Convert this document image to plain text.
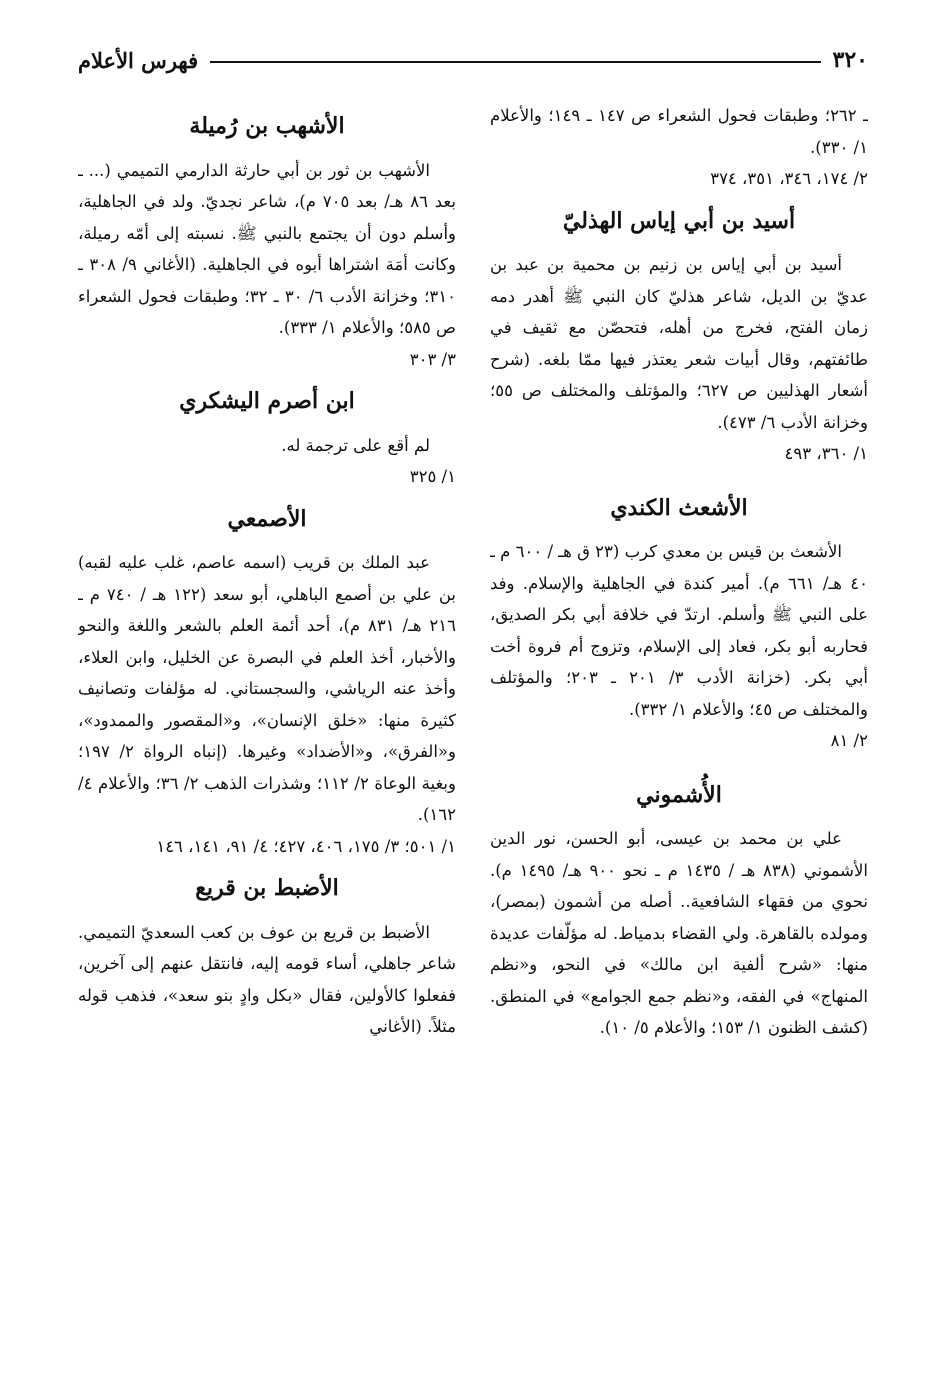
٣٢٠
فهرس الأعلام

ـ ٢٦٢؛ وطبقات فحول الشعراء ص ١٤٧ ـ ١٤٩؛ والأعلام ١/ ٣٣٠).

٢/ ١٧٤، ٣٤٦، ٣٥١، ٣٧٤

أسيد بن أبي إياس الهذليّ

أسيد بن أبي إياس بن زنيم بن محمية بن عبد بن عديّ بن الديل، شاعر هذليّ كان النبي ﷺ أهدر دمه زمان الفتح، فخرج من أهله، فتحصّن مع ثقيف في طائفتهم، وقال أبيات شعر يعتذر فيها ممّا بلغه. (شرح أشعار الهذليين ص ٦٢٧؛ والمؤتلف والمختلف ص ٥٥؛ وخزانة الأدب ٦/ ٤٧٣).

١/ ٣٦٠، ٤٩٣

الأشعث الكندي

الأشعث بن قيس بن معدي كرب (٢٣ ق هـ / ٦٠٠ م ـ ٤٠ هـ/ ٦٦١ م). أمير كندة في الجاهلية والإسلام. وفد على النبي ﷺ وأسلم. ارتدّ في خلافة أبي بكر الصديق، فحاربه أبو بكر، فعاد إلى الإسلام، وتزوج أم فروة أخت أبي بكر. (خزانة الأدب ٣/ ٢٠١ ـ ٢٠٣؛ والمؤتلف والمختلف ص ٤٥؛ والأعلام ١/ ٣٣٢).

٢/ ٨١

الأُشموني

علي بن محمد بن عيسى، أبو الحسن، نور الدين الأشموني (٨٣٨ هـ / ١٤٣٥ م ـ نحو ٩٠٠ هـ/ ١٤٩٥ م). نحوي من فقهاء الشافعية.. أصله من أشمون (بمصر)، ومولده بالقاهرة. ولي القضاء بدمياط. له مؤلّفات عديدة منها: «شرح ألفية ابن مالك» في النحو، و«نظم المنهاج» في الفقه، و«نظم جمع الجوامع» في المنطق. (كشف الظنون ١/ ١٥٣؛ والأعلام ٥/ ١٠).

الأشهب بن رُميلة

الأشهب بن ثور بن أبي حارثة الدارمي التميمي (... ـ بعد ٨٦ هـ/ بعد ٧٠٥ م)، شاعر نجديّ. ولد في الجاهلية، وأسلم دون أن يجتمع بالنبي ﷺ. نسبته إلى أمّه رميلة، وكانت أمَة اشتراها أبوه في الجاهلية. (الأغاني ٩/ ٣٠٨ ـ ٣١٠؛ وخزانة الأدب ٦/ ٣٠ ـ ٣٢؛ وطبقات فحول الشعراء ص ٥٨٥؛ والأعلام ١/ ٣٣٣).

٣/ ٣٠٣

ابن أصرم اليشكري

لم أقع على ترجمة له.

١/ ٣٢٥

الأصمعي

عبد الملك بن قريب (اسمه عاصم، غلب عليه لقبه) بن علي بن أصمع الباهلي، أبو سعد (١٢٢ هـ / ٧٤٠ م ـ ٢١٦ هـ/ ٨٣١ م)، أحد أئمة العلم بالشعر واللغة والنحو والأخبار، أخذ العلم في البصرة عن الخليل، وابن العلاء، وأخذ عنه الرياشي، والسجستاني. له مؤلفات وتصانيف كثيرة منها: «خلق الإنسان»، و«المقصور والممدود»، و«الفرق»، و«الأضداد» وغيرها. (إنباه الرواة ٢/ ١٩٧؛ وبغية الوعاة ٢/ ١١٢؛ وشذرات الذهب ٢/ ٣٦؛ والأعلام ٤/ ١٦٢).

١/ ٥٠١؛ ٣/ ١٧٥، ٤٠٦، ٤٢٧؛ ٤/ ٩١، ١٤١، ١٤٦

الأضبط بن قريع

الأضبط بن قريع بن عوف بن كعب السعديّ التميمي. شاعر جاهلي، أساء قومه إليه، فانتقل عنهم إلى آخرين، ففعلوا كالأولين، فقال «بكل وادٍ بنو سعد»، فذهب قوله مثلاً. (الأغاني
